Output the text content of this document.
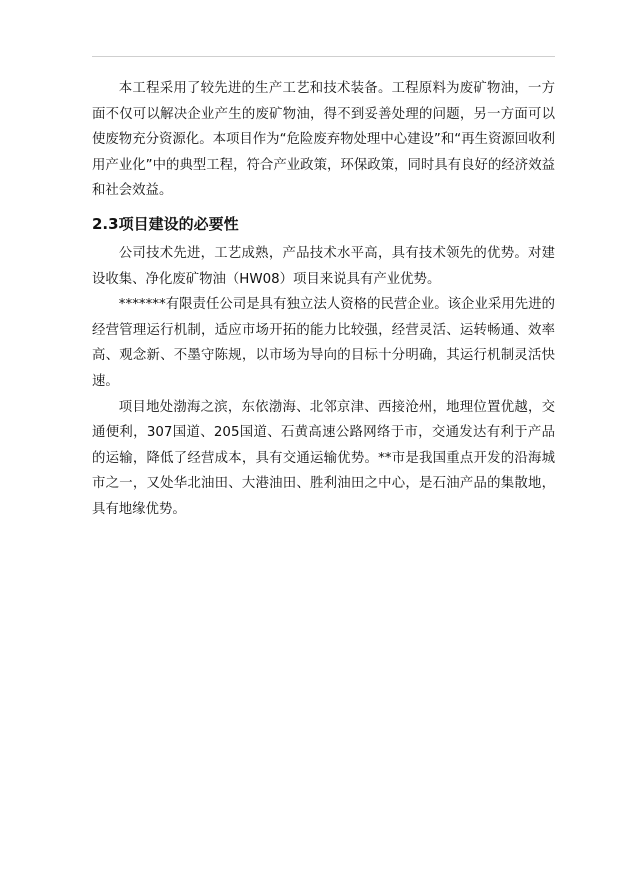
本工程采用了较先进的生产工艺和技术装备。工程原料为废矿物油，一方面不仅可以解决企业产生的废矿物油，得不到妥善处理的问题，另一方面可以使废物充分资源化。本项目作为“危险废弃物处理中心建设”和“再生资源回收利用产业化”中的典型工程，符合产业政策，环保政策，同时具有良好的经济效益和社会效益。

2.3项目建设的必要性

公司技术先进，工艺成熟，产品技术水平高，具有技术领先的优势。对建设收集、净化废矿物油（HW08）项目来说具有产业优势。

*******有限责任公司是具有独立法人资格的民营企业。该企业采用先进的经营管理运行机制，适应市场开拓的能力比较强，经营灵活、运转畅通、效率高、观念新、不墨守陈规，以市场为导向的目标十分明确，其运行机制灵活快速。

项目地处渤海之滨，东依渤海、北邻京津、西接沧州，地理位置优越，交通便利，307国道、205国道、石黄高速公路网络于市，交通发达有利于产品的运输，降低了经营成本，具有交通运输优势。**市是我国重点开发的沿海城市之一，又处华北油田、大港油田、胜利油田之中心，是石油产品的集散地，具有地缘优势。
